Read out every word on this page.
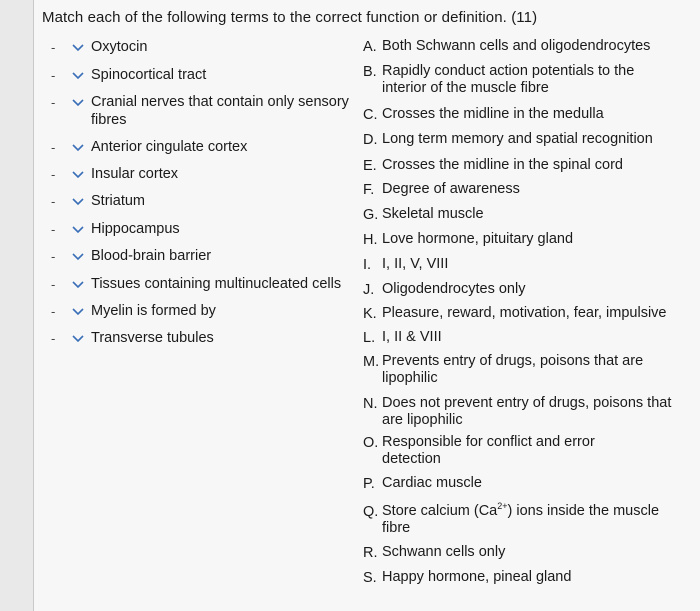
Match each of the following terms to the correct function or definition. (11)
-	Oxytocin
-	Spinocortical tract
-	Cranial nerves that contain only sensory
fibres
-	Anterior cingulate cortex
-	Insular cortex
-	Striatum
-	Hippocampus
-	Blood-brain barrier
-	Tissues containing multinucleated cells
-	Myelin is formed by
-	Transverse tubules
A. Both Schwann cells and oligodendrocytes
B. Rapidly conduct action potentials to the
interior of the muscle fibre
C. Crosses the midline in the medulla
D. Long term memory and spatial recognition
E. Crosses the midline in the spinal cord
F. Degree of awareness
G. Skeletal muscle
H. Love hormone, pituitary gland
I. I, II, V, VIII
J. Oligodendrocytes only
K. Pleasure, reward, motivation, fear, impulsive
L. I, II & VIII
M. Prevents entry of drugs, poisons that are
lipophilic
N. Does not prevent entry of drugs, poisons that
are lipophilic
O. Responsible for conflict and error
detection
P. Cardiac muscle
Q. Store calcium $(Ca^{2+})$ ions inside the muscle
fibre
R. Schwann cells only
S. Happy hormone, pineal gland
